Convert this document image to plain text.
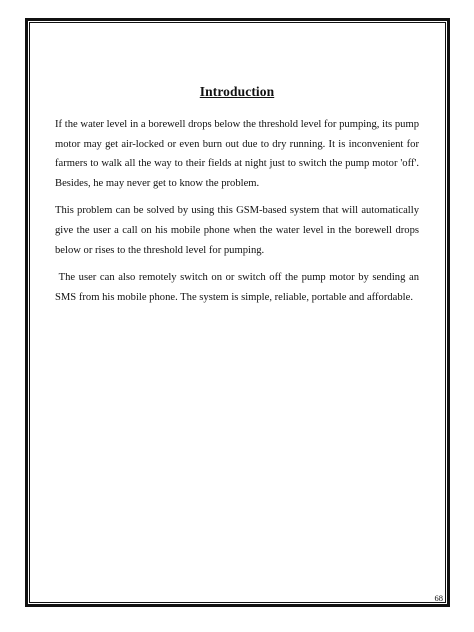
Introduction

If the water level in a borewell drops below the threshold level for pumping, its pump motor may get air-locked or even burn out due to dry running. It is inconvenient for farmers to walk all the way to their fields at night just to switch the pump motor 'off'. Besides, he may never get to know the problem.

This problem can be solved by using this GSM-based system that will automatically give the user a call on his mobile phone when the water level in the borewell drops below or rises to the threshold level for pumping.

The user can also remotely switch on or switch off the pump motor by sending an SMS from his mobile phone. The system is simple, reliable, portable and affordable.

68
